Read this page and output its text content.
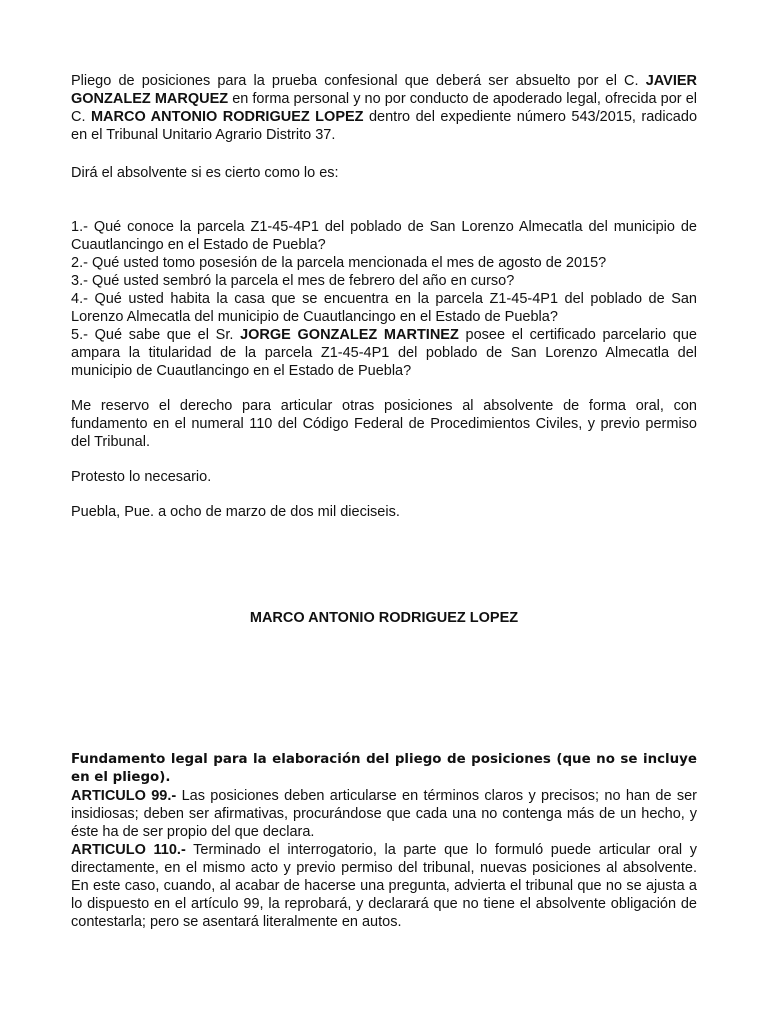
Pliego de posiciones para la prueba confesional que deberá ser absuelto por el C. JAVIER GONZALEZ MARQUEZ en forma personal y no por conducto de apoderado legal, ofrecida por el C. MARCO ANTONIO RODRIGUEZ LOPEZ dentro del expediente número 543/2015, radicado en el Tribunal Unitario Agrario Distrito 37.

Dirá el absolvente si es cierto como lo es:

1.- Qué conoce la parcela Z1-45-4P1 del poblado de San Lorenzo Almecatla del municipio de Cuautlancingo en el Estado de Puebla?

2.- Qué usted tomo posesión de la parcela mencionada el mes de agosto de 2015?

3.- Qué usted sembró la parcela el mes de febrero del año en curso?

4.- Qué usted habita la casa que se encuentra en la parcela Z1-45-4P1 del poblado de San Lorenzo Almecatla del municipio de Cuautlancingo en el Estado de Puebla?

5.- Qué sabe que el Sr. JORGE GONZALEZ MARTINEZ posee el certificado parcelario que ampara la titularidad de la parcela Z1-45-4P1 del poblado de San Lorenzo Almecatla del municipio de Cuautlancingo en el Estado de Puebla?

Me reservo el derecho para articular otras posiciones al absolvente de forma oral, con fundamento en el numeral 110 del Código Federal de Procedimientos Civiles, y previo permiso del Tribunal.

Protesto lo necesario.

Puebla, Pue. a ocho de marzo de dos mil dieciseis.

MARCO ANTONIO RODRIGUEZ LOPEZ

Fundamento legal para la elaboración del pliego de posiciones (que no se incluye en el pliego).

ARTICULO 99.- Las posiciones deben articularse en términos claros y precisos; no han de ser insidiosas; deben ser afirmativas, procurándose que cada una no contenga más de un hecho, y éste ha de ser propio del que declara.

ARTICULO 110.- Terminado el interrogatorio, la parte que lo formuló puede articular oral y directamente, en el mismo acto y previo permiso del tribunal, nuevas posiciones al absolvente. En este caso, cuando, al acabar de hacerse una pregunta, advierta el tribunal que no se ajusta a lo dispuesto en el artículo 99, la reprobará, y declarará que no tiene el absolvente obligación de contestarla; pero se asentará literalmente en autos.
